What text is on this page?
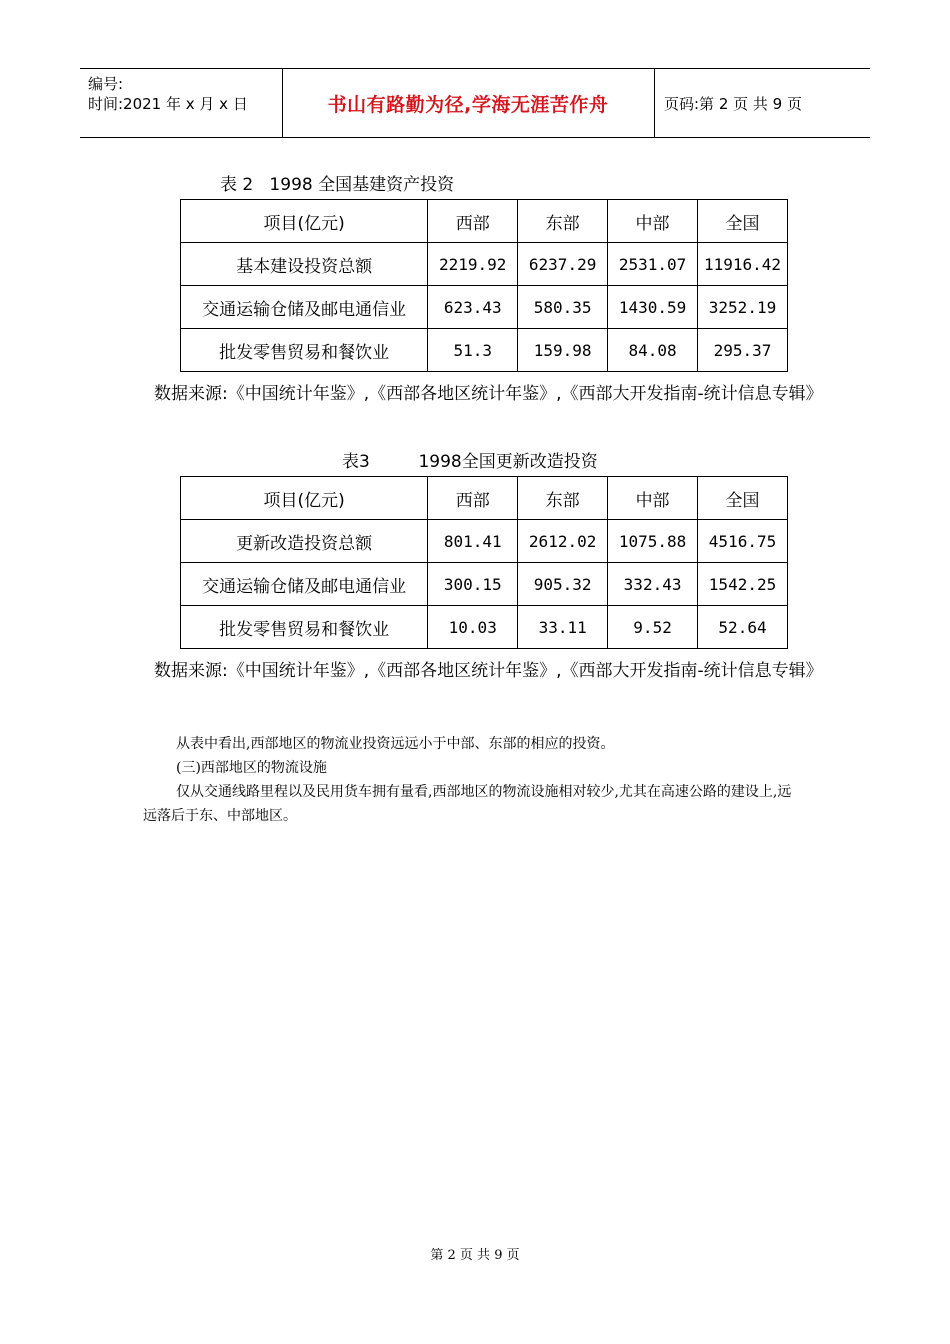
编号:
时间:2021 年 x 月 x 日	书山有路勤为径,学海无涯苦作舟	页码:第 2 页 共 9 页
表 2   1998 全国基建资产投资
项目(亿元)	西部	东部	中部	全国
基本建设投资总额	2219.92	6237.29	2531.07	11916.42
交通运输仓储及邮电通信业	623.43	580.35	1430.59	3252.19
批发零售贸易和餐饮业	51.3	159.98	84.08	295.37
数据来源:《中国统计年鉴》,《西部各地区统计年鉴》,《西部大开发指南-统计信息专辑》
表3         1998全国更新改造投资
项目(亿元)	西部	东部	中部	全国
更新改造投资总额	801.41	2612.02	1075.88	4516.75
交通运输仓储及邮电通信业	300.15	905.32	332.43	1542.25
批发零售贸易和餐饮业	10.03	33.11	9.52	52.64
数据来源:《中国统计年鉴》,《西部各地区统计年鉴》,《西部大开发指南-统计信息专辑》

从表中看出,西部地区的物流业投资远远小于中部、东部的相应的投资。

(三)西部地区的物流设施

仅从交通线路里程以及民用货车拥有量看,西部地区的物流设施相对较少,尤其在高速公路的建设上,远远落后于东、中部地区。

第 2 页 共 9 页
